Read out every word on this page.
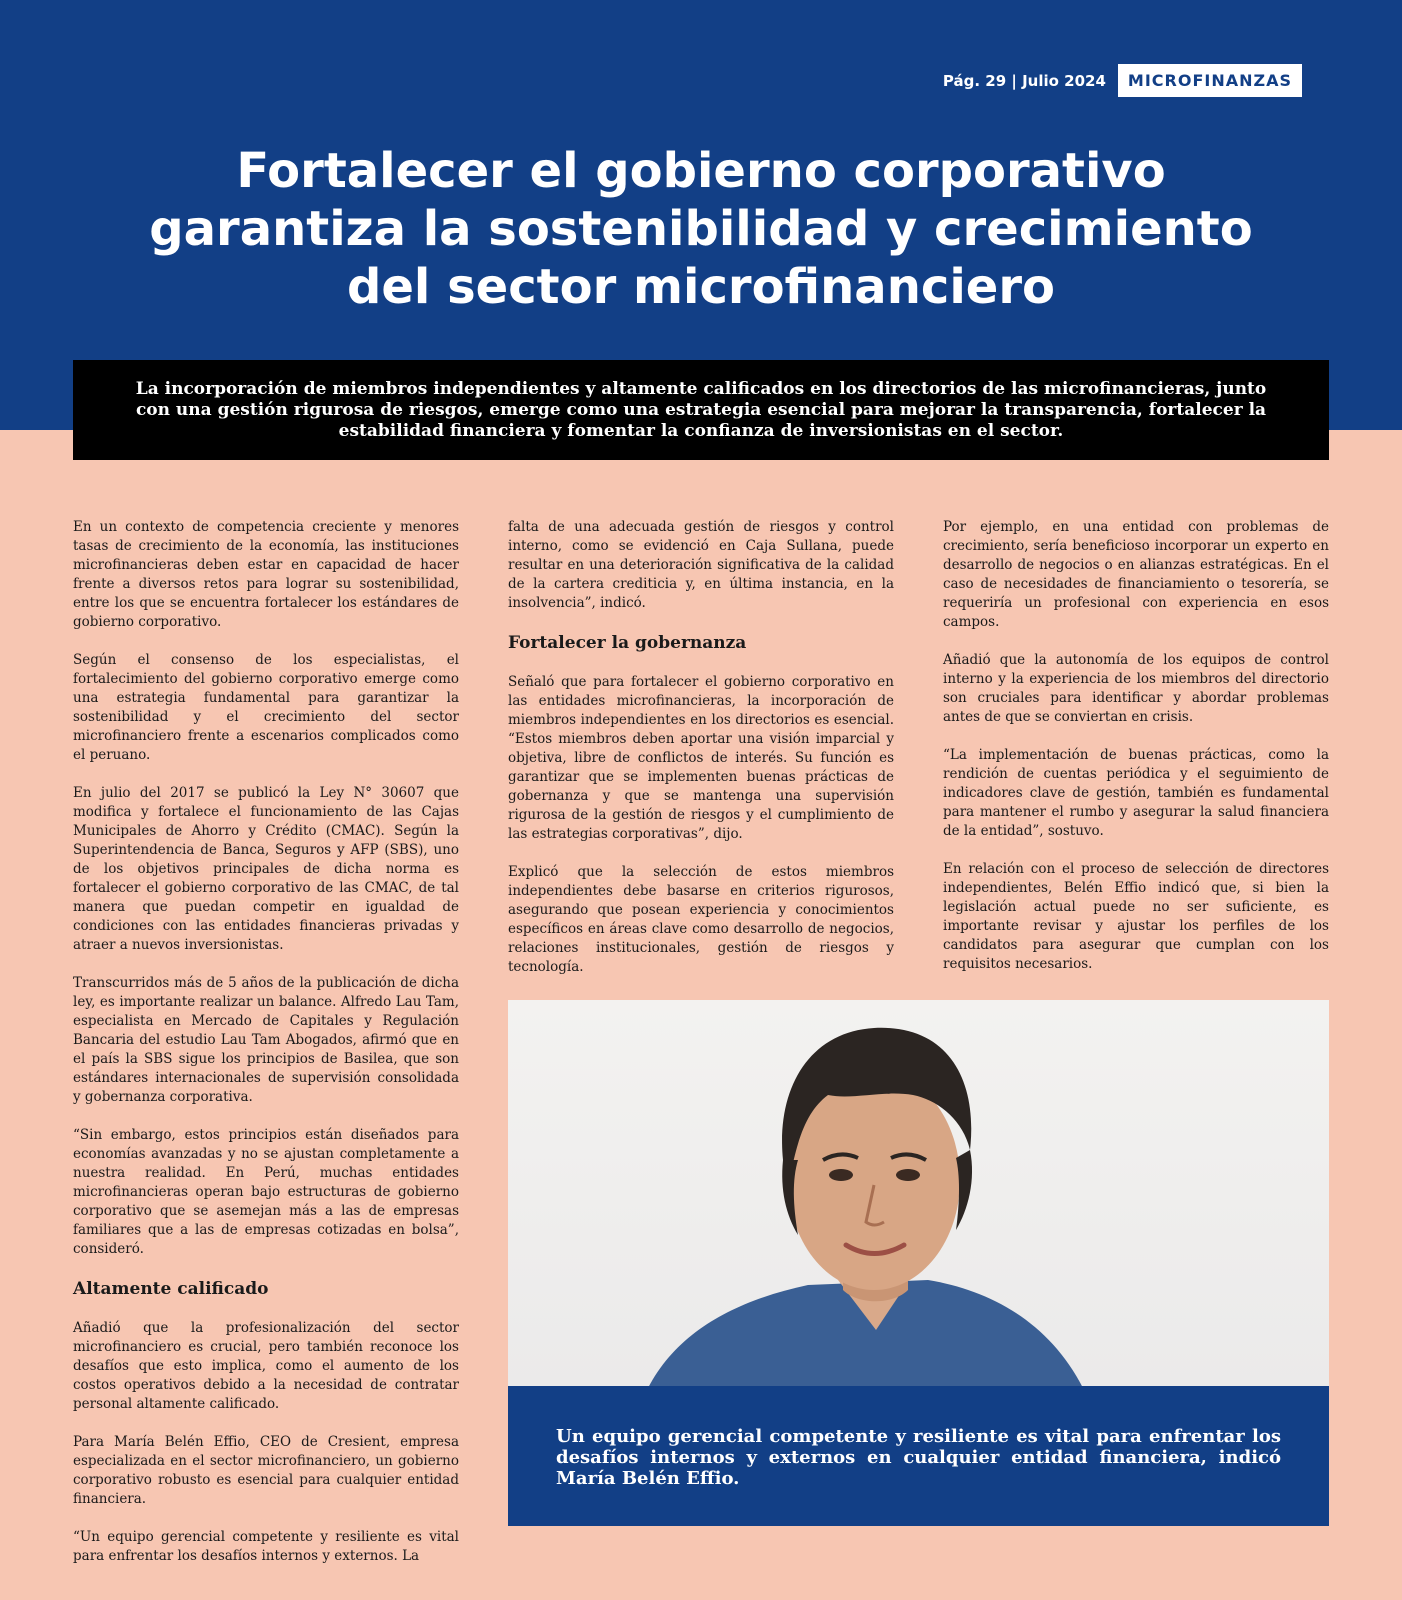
Pág. 29 | Julio 2024	MICROFINANZAS
Fortalecer el gobierno corporativo
garantiza la sostenibilidad y crecimiento
del sector microfinanciero

La incorporación de miembros independientes y altamente calificados en los directorios de las microfinancieras, junto con una gestión rigurosa de riesgos, emerge como una estrategia esencial para mejorar la transparencia, fortalecer la estabilidad financiera y fomentar la confianza de inversionistas en el sector.

En un contexto de competencia creciente y menores tasas de crecimiento de la economía, las instituciones microfinancieras deben estar en capacidad de hacer frente a diversos retos para lograr su sostenibilidad, entre los que se encuentra fortalecer los estándares de gobierno corporativo.

Según el consenso de los especialistas, el fortalecimiento del gobierno corporativo emerge como una estrategia fundamental para garantizar la sostenibilidad y el crecimiento del sector microfinanciero frente a escenarios complicados como el peruano.

En julio del 2017 se publicó la Ley N° 30607 que modifica y fortalece el funcionamiento de las Cajas Municipales de Ahorro y Crédito (CMAC). Según la Superintendencia de Banca, Seguros y AFP (SBS), uno de los objetivos principales de dicha norma es fortalecer el gobierno corporativo de las CMAC, de tal manera que puedan competir en igualdad de condiciones con las entidades financieras privadas y atraer a nuevos inversionistas.

Transcurridos más de 5 años de la publicación de dicha ley, es importante realizar un balance. Alfredo Lau Tam, especialista en Mercado de Capitales y Regulación Bancaria del estudio Lau Tam Abogados, afirmó que en el país la SBS sigue los principios de Basilea, que son estándares internacionales de supervisión consolidada y gobernanza corporativa.

“Sin embargo, estos principios están diseñados para economías avanzadas y no se ajustan completamente a nuestra realidad. En Perú, muchas entidades microfinancieras operan bajo estructuras de gobierno corporativo que se asemejan más a las de empresas familiares que a las de empresas cotizadas en bolsa”, consideró.

Altamente calificado

Añadió que la profesionalización del sector microfinanciero es crucial, pero también reconoce los desafíos que esto implica, como el aumento de los costos operativos debido a la necesidad de contratar personal altamente calificado.

Para María Belén Effio, CEO de Cresient, empresa especializada en el sector microfinanciero, un gobierno corporativo robusto es esencial para cualquier entidad financiera.

“Un equipo gerencial competente y resiliente es vital para enfrentar los desafíos internos y externos. La

falta de una adecuada gestión de riesgos y control interno, como se evidenció en Caja Sullana, puede resultar en una deterioración significativa de la calidad de la cartera crediticia y, en última instancia, en la insolvencia”, indicó.

Fortalecer la gobernanza

Señaló que para fortalecer el gobierno corporativo en las entidades microfinancieras, la incorporación de miembros independientes en los directorios es esencial. “Estos miembros deben aportar una visión imparcial y objetiva, libre de conflictos de interés. Su función es garantizar que se implementen buenas prácticas de gobernanza y que se mantenga una supervisión rigurosa de la gestión de riesgos y el cumplimiento de las estrategias corporativas”, dijo.

Explicó que la selección de estos miembros independientes debe basarse en criterios rigurosos, asegurando que posean experiencia y conocimientos específicos en áreas clave como desarrollo de negocios, relaciones institucionales, gestión de riesgos y tecnología.

Por ejemplo, en una entidad con problemas de crecimiento, sería beneficioso incorporar un experto en desarrollo de negocios o en alianzas estratégicas. En el caso de necesidades de financiamiento o tesorería, se requeriría un profesional con experiencia en esos campos.

Añadió que la autonomía de los equipos de control interno y la experiencia de los miembros del directorio son cruciales para identificar y abordar problemas antes de que se conviertan en crisis.

“La implementación de buenas prácticas, como la rendición de cuentas periódica y el seguimiento de indicadores clave de gestión, también es fundamental para mantener el rumbo y asegurar la salud financiera de la entidad”, sostuvo.

En relación con el proceso de selección de directores independientes, Belén Effio indicó que, si bien la legislación actual puede no ser suficiente, es importante revisar y ajustar los perfiles de los candidatos para asegurar que cumplan con los requisitos necesarios.

Un equipo gerencial competente y resiliente es vital para enfrentar los desafíos internos y externos en cualquier entidad financiera, indicó María Belén Effio.
